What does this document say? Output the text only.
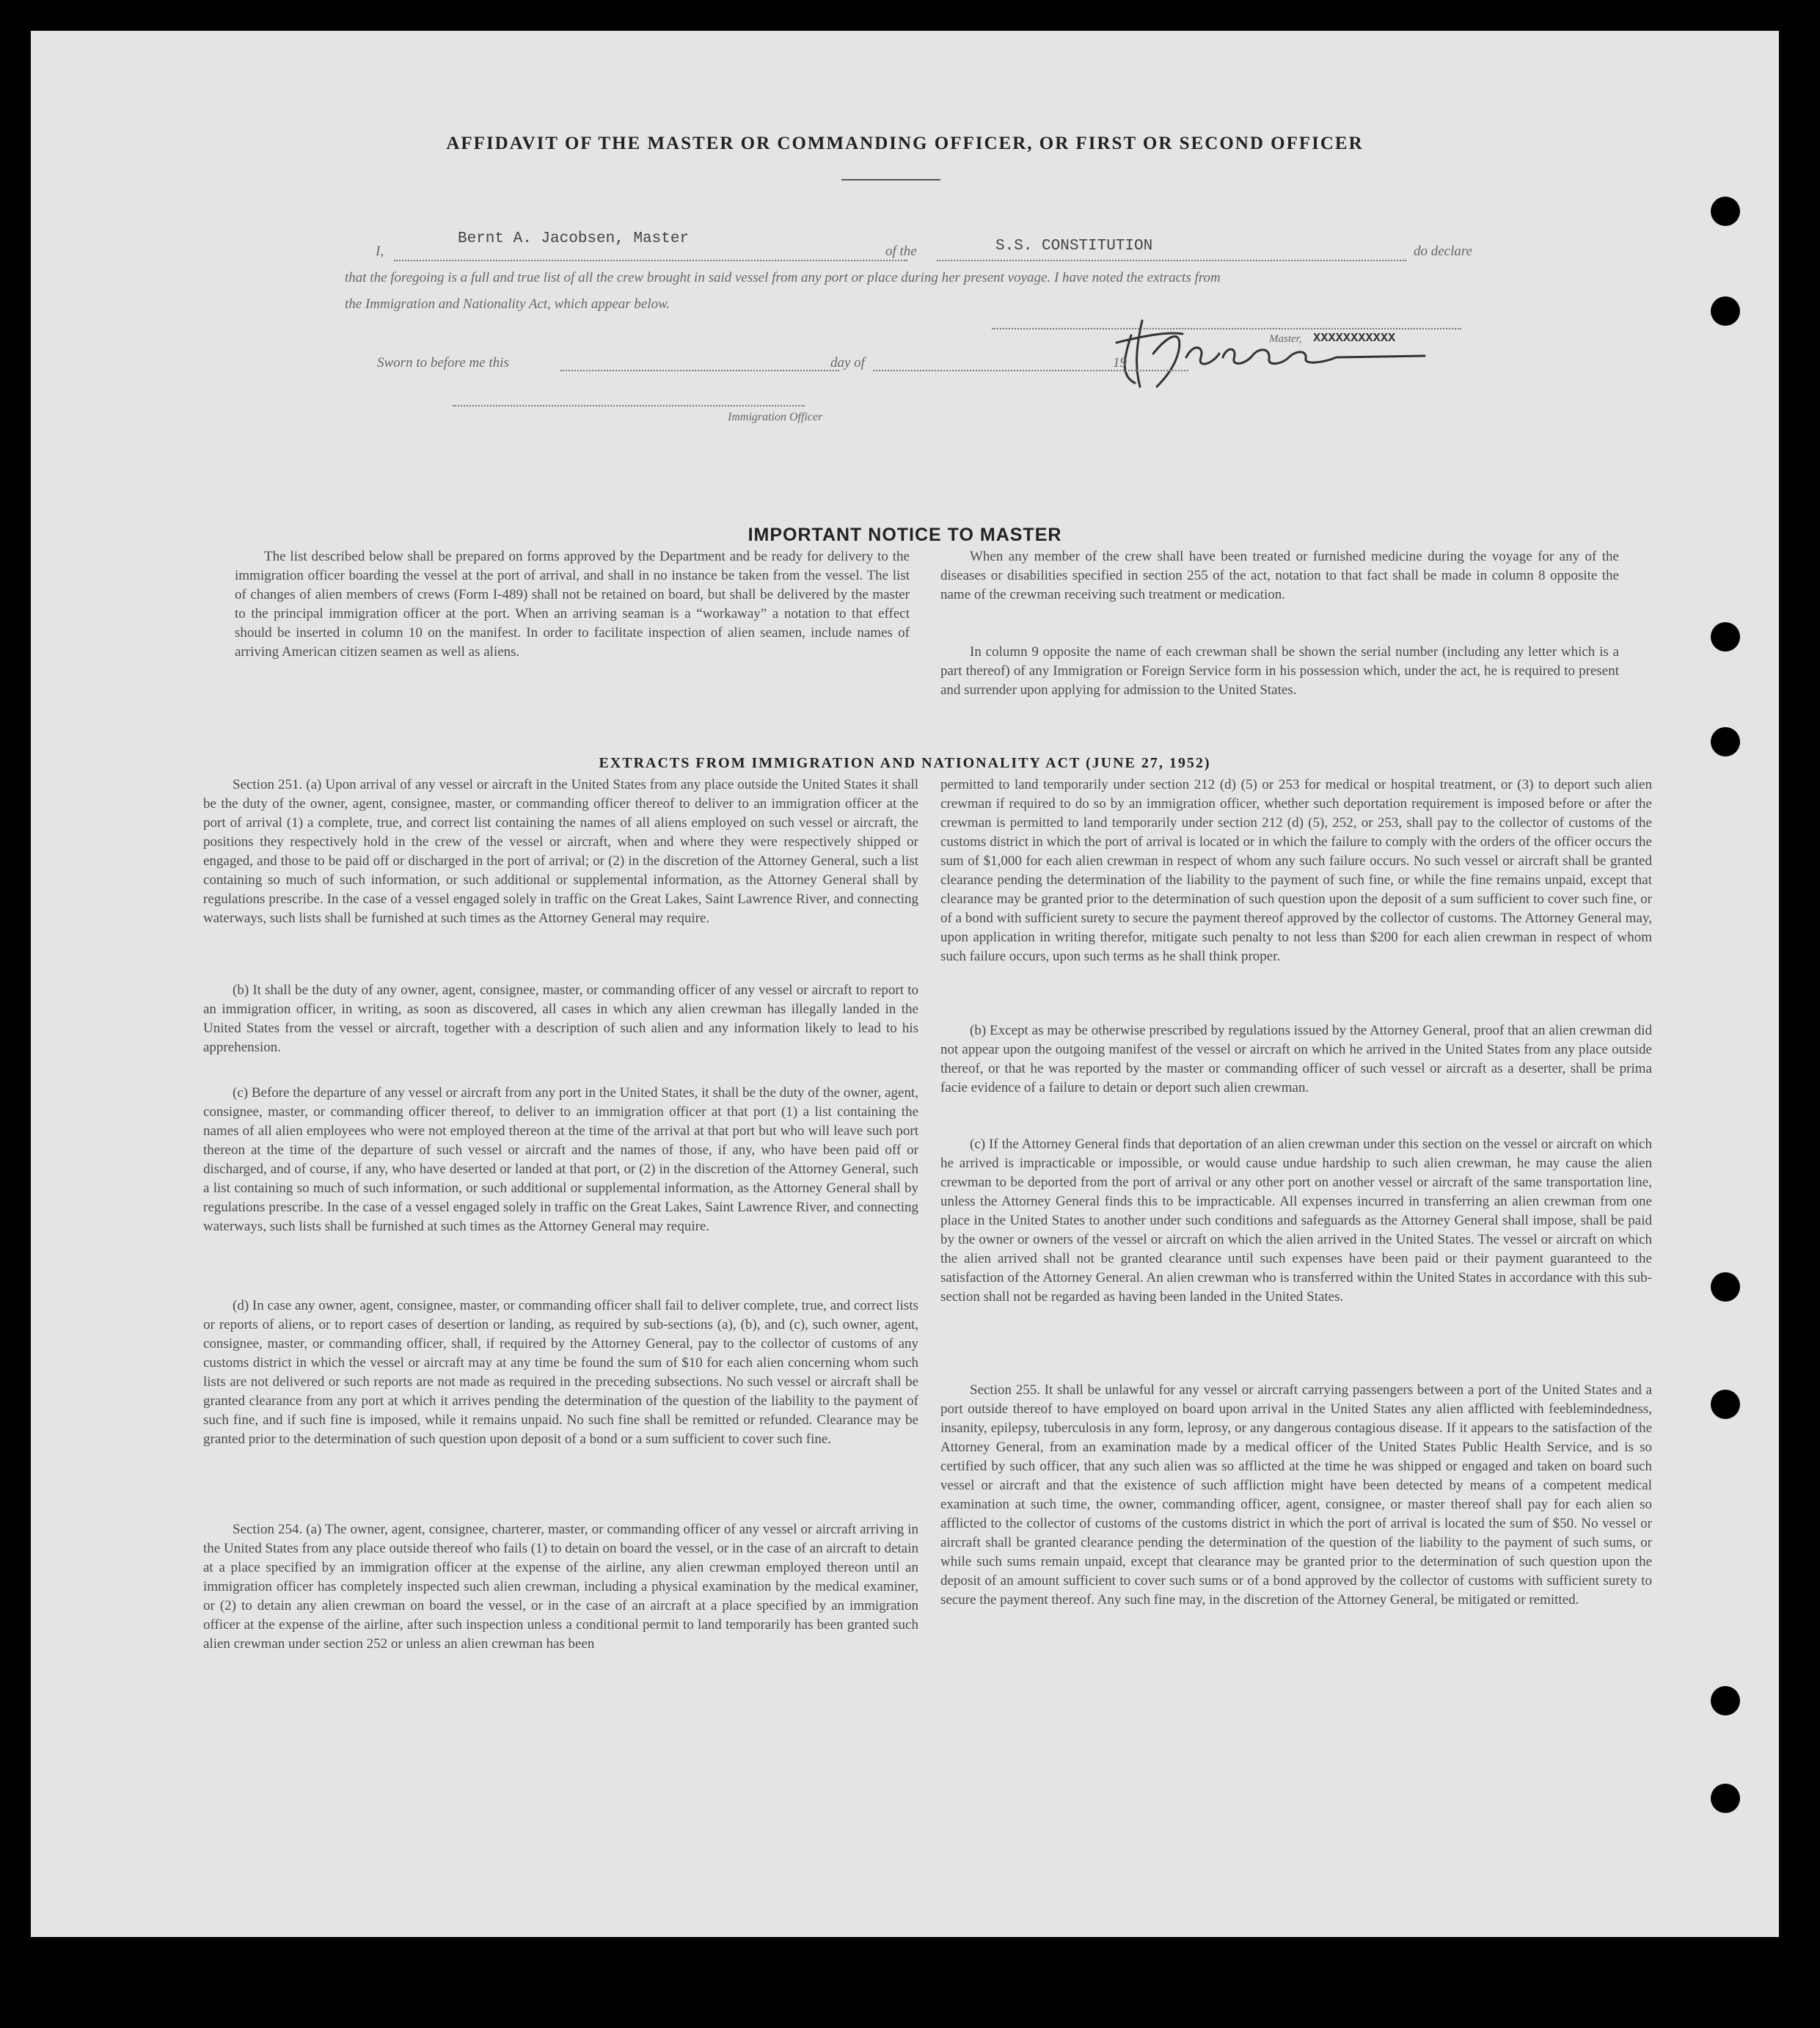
AFFIDAVIT OF THE MASTER OR COMMANDING OFFICER, OR FIRST OR SECOND OFFICER
I,
Bernt A. Jacobsen, Master
of the	S.S. CONSTITUTION	do declare
that the foregoing is a full and true list of all the crew brought in said vessel from any port or place during her present voyage. I have noted the extracts from
the Immigration and Nationality Act, which appear below.
Master, XXXXXXXXXXX
Sworn to before me this	day of	19
Immigration Officer
IMPORTANT NOTICE TO MASTER

The list described below shall be prepared on forms approved by the Department and be ready for delivery to the immigration officer boarding the vessel at the port of arrival, and shall in no instance be taken from the vessel. The list of changes of alien members of crews (Form I-489) shall not be retained on board, but shall be delivered by the master to the principal immigration officer at the port. When an arriving seaman is a “workaway” a notation to that effect should be inserted in column 10 on the manifest. In order to facilitate inspection of alien seamen, include names of arriving American citizen seamen as well as aliens.

When any member of the crew shall have been treated or furnished medicine during the voyage for any of the diseases or disabilities specified in section 255 of the act, notation to that fact shall be made in column 8 opposite the name of the crewman receiving such treatment or medication.

In column 9 opposite the name of each crewman shall be shown the serial number (including any letter which is a part thereof) of any Immigration or Foreign Service form in his possession which, under the act, he is required to present and surrender upon applying for admission to the United States.

EXTRACTS FROM IMMIGRATION AND NATIONALITY ACT (JUNE 27, 1952)

Section 251. (a) Upon arrival of any vessel or aircraft in the United States from any place outside the United States it shall be the duty of the owner, agent, consignee, master, or commanding officer thereof to deliver to an immigration officer at the port of arrival (1) a complete, true, and correct list containing the names of all aliens employed on such vessel or aircraft, the positions they respectively hold in the crew of the vessel or aircraft, when and where they were respectively shipped or engaged, and those to be paid off or discharged in the port of arrival; or (2) in the discretion of the Attorney General, such a list containing so much of such information, or such additional or supplemental information, as the Attorney General shall by regulations prescribe. In the case of a vessel engaged solely in traffic on the Great Lakes, Saint Lawrence River, and connecting waterways, such lists shall be furnished at such times as the Attorney General may require.

(b) It shall be the duty of any owner, agent, consignee, master, or commanding officer of any vessel or aircraft to report to an immigration officer, in writing, as soon as discovered, all cases in which any alien crewman has illegally landed in the United States from the vessel or aircraft, together with a description of such alien and any information likely to lead to his apprehension.

(c) Before the departure of any vessel or aircraft from any port in the United States, it shall be the duty of the owner, agent, consignee, master, or commanding officer thereof, to deliver to an immigration officer at that port (1) a list containing the names of all alien employees who were not employed thereon at the time of the arrival at that port but who will leave such port thereon at the time of the departure of such vessel or aircraft and the names of those, if any, who have been paid off or discharged, and of course, if any, who have deserted or landed at that port, or (2) in the discretion of the Attorney General, such a list containing so much of such information, or such additional or supplemental information, as the Attorney General shall by regulations prescribe. In the case of a vessel engaged solely in traffic on the Great Lakes, Saint Lawrence River, and connecting waterways, such lists shall be furnished at such times as the Attorney General may require.

(d) In case any owner, agent, consignee, master, or commanding officer shall fail to deliver complete, true, and correct lists or reports of aliens, or to report cases of desertion or landing, as required by sub-sections (a), (b), and (c), such owner, agent, consignee, master, or commanding officer, shall, if required by the Attorney General, pay to the collector of customs of any customs district in which the vessel or aircraft may at any time be found the sum of $10 for each alien concerning whom such lists are not delivered or such reports are not made as required in the preceding subsections. No such vessel or aircraft shall be granted clearance from any port at which it arrives pending the determination of the question of the liability to the payment of such fine, and if such fine is imposed, while it remains unpaid. No such fine shall be remitted or refunded. Clearance may be granted prior to the determination of such question upon deposit of a bond or a sum sufficient to cover such fine.

Section 254. (a) The owner, agent, consignee, charterer, master, or commanding officer of any vessel or aircraft arriving in the United States from any place outside thereof who fails (1) to detain on board the vessel, or in the case of an aircraft to detain at a place specified by an immigration officer at the expense of the airline, any alien crewman employed thereon until an immigration officer has completely inspected such alien crewman, including a physical examination by the medical examiner, or (2) to detain any alien crewman on board the vessel, or in the case of an aircraft at a place specified by an immigration officer at the expense of the airline, after such inspection unless a conditional permit to land temporarily has been granted such alien crewman under section 252 or unless an alien crewman has been

permitted to land temporarily under section 212 (d) (5) or 253 for medical or hospital treatment, or (3) to deport such alien crewman if required to do so by an immigration officer, whether such deportation requirement is imposed before or after the crewman is permitted to land temporarily under section 212 (d) (5), 252, or 253, shall pay to the collector of customs of the customs district in which the port of arrival is located or in which the failure to comply with the orders of the officer occurs the sum of $1,000 for each alien crewman in respect of whom any such failure occurs. No such vessel or aircraft shall be granted clearance pending the determination of the liability to the payment of such fine, or while the fine remains unpaid, except that clearance may be granted prior to the determination of such question upon the deposit of a sum sufficient to cover such fine, or of a bond with sufficient surety to secure the payment thereof approved by the collector of customs. The Attorney General may, upon application in writing therefor, mitigate such penalty to not less than $200 for each alien crewman in respect of whom such failure occurs, upon such terms as he shall think proper.

(b) Except as may be otherwise prescribed by regulations issued by the Attorney General, proof that an alien crewman did not appear upon the outgoing manifest of the vessel or aircraft on which he arrived in the United States from any place outside thereof, or that he was reported by the master or commanding officer of such vessel or aircraft as a deserter, shall be prima facie evidence of a failure to detain or deport such alien crewman.

(c) If the Attorney General finds that deportation of an alien crewman under this section on the vessel or aircraft on which he arrived is impracticable or impossible, or would cause undue hardship to such alien crewman, he may cause the alien crewman to be deported from the port of arrival or any other port on another vessel or aircraft of the same transportation line, unless the Attorney General finds this to be impracticable. All expenses incurred in transferring an alien crewman from one place in the United States to another under such conditions and safeguards as the Attorney General shall impose, shall be paid by the owner or owners of the vessel or aircraft on which the alien arrived in the United States. The vessel or aircraft on which the alien arrived shall not be granted clearance until such expenses have been paid or their payment guaranteed to the satisfaction of the Attorney General. An alien crewman who is transferred within the United States in accordance with this sub-section shall not be regarded as having been landed in the United States.

Section 255. It shall be unlawful for any vessel or aircraft carrying passengers between a port of the United States and a port outside thereof to have employed on board upon arrival in the United States any alien afflicted with feeblemindedness, insanity, epilepsy, tuberculosis in any form, leprosy, or any dangerous contagious disease. If it appears to the satisfaction of the Attorney General, from an examination made by a medical officer of the United States Public Health Service, and is so certified by such officer, that any such alien was so afflicted at the time he was shipped or engaged and taken on board such vessel or aircraft and that the existence of such affliction might have been detected by means of a competent medical examination at such time, the owner, commanding officer, agent, consignee, or master thereof shall pay for each alien so afflicted to the collector of customs of the customs district in which the port of arrival is located the sum of $50. No vessel or aircraft shall be granted clearance pending the determination of the question of the liability to the payment of such sums, or while such sums remain unpaid, except that clearance may be granted prior to the determination of such question upon the deposit of an amount sufficient to cover such sums or of a bond approved by the collector of customs with sufficient surety to secure the payment thereof. Any such fine may, in the discretion of the Attorney General, be mitigated or remitted.
